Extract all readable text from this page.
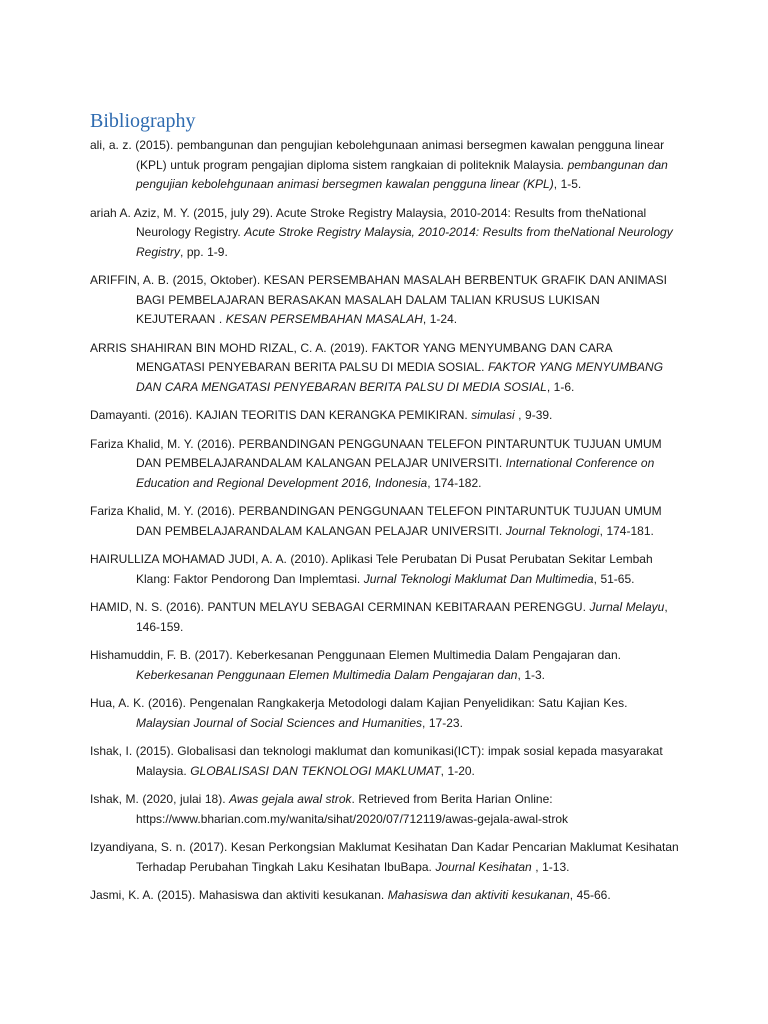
Bibliography

ali, a. z. (2015). pembangunan dan pengujian kebolehgunaan animasi bersegmen kawalan pengguna linear (KPL) untuk program pengajian diploma sistem rangkaian di politeknik Malaysia. pembangunan dan pengujian kebolehgunaan animasi bersegmen kawalan pengguna linear (KPL), 1-5.

ariah A. Aziz, M. Y. (2015, july 29). Acute Stroke Registry Malaysia, 2010-2014: Results from theNational Neurology Registry. Acute Stroke Registry Malaysia, 2010-2014: Results from theNational Neurology Registry, pp. 1-9.

ARIFFIN, A. B. (2015, Oktober). KESAN PERSEMBAHAN MASALAH BERBENTUK GRAFIK DAN ANIMASI BAGI PEMBELAJARAN BERASAKAN MASALAH DALAM TALIAN KRUSUS LUKISAN KEJUTERAAN . KESAN PERSEMBAHAN MASALAH, 1-24.

ARRIS SHAHIRAN BIN MOHD RIZAL, C. A. (2019). FAKTOR YANG MENYUMBANG DAN CARA MENGATASI PENYEBARAN BERITA PALSU DI MEDIA SOSIAL. FAKTOR YANG MENYUMBANG DAN CARA MENGATASI PENYEBARAN BERITA PALSU DI MEDIA SOSIAL, 1-6.

Damayanti. (2016). KAJIAN TEORITIS DAN KERANGKA PEMIKIRAN. simulasi , 9-39.

Fariza Khalid, M. Y. (2016). PERBANDINGAN PENGGUNAAN TELEFON PINTARUNTUK TUJUAN UMUM DAN PEMBELAJARANDALAM KALANGAN PELAJAR UNIVERSITI. International Conference on Education and Regional Development 2016, Indonesia, 174-182.

Fariza Khalid, M. Y. (2016). PERBANDINGAN PENGGUNAAN TELEFON PINTARUNTUK TUJUAN UMUM DAN PEMBELAJARANDALAM KALANGAN PELAJAR UNIVERSITI. Journal Teknologi, 174-181.

HAIRULLIZA MOHAMAD JUDI, A. A. (2010). Aplikasi Tele Perubatan Di Pusat Perubatan Sekitar Lembah Klang: Faktor Pendorong Dan Implemtasi. Jurnal Teknologi Maklumat Dan Multimedia, 51-65.

HAMID, N. S. (2016). PANTUN MELAYU SEBAGAI CERMINAN KEBITARAAN PERENGGU. Jurnal Melayu, 146-159.

Hishamuddin, F. B. (2017). Keberkesanan Penggunaan Elemen Multimedia Dalam Pengajaran dan. Keberkesanan Penggunaan Elemen Multimedia Dalam Pengajaran dan, 1-3.

Hua, A. K. (2016). Pengenalan Rangkakerja Metodologi dalam Kajian Penyelidikan: Satu Kajian Kes. Malaysian Journal of Social Sciences and Humanities, 17-23.

Ishak, I. (2015). Globalisasi dan teknologi maklumat dan komunikasi(ICT): impak sosial kepada masyarakat Malaysia. GLOBALISASI DAN TEKNOLOGI MAKLUMAT, 1-20.

Ishak, M. (2020, julai 18). Awas gejala awal strok. Retrieved from Berita Harian Online: https://www.bharian.com.my/wanita/sihat/2020/07/712119/awas-gejala-awal-strok

Izyandiyana, S. n. (2017). Kesan Perkongsian Maklumat Kesihatan Dan Kadar Pencarian Maklumat Kesihatan Terhadap Perubahan Tingkah Laku Kesihatan IbuBapa. Journal Kesihatan , 1-13.

Jasmi, K. A. (2015). Mahasiswa dan aktiviti kesukanan. Mahasiswa dan aktiviti kesukanan, 45-66.
